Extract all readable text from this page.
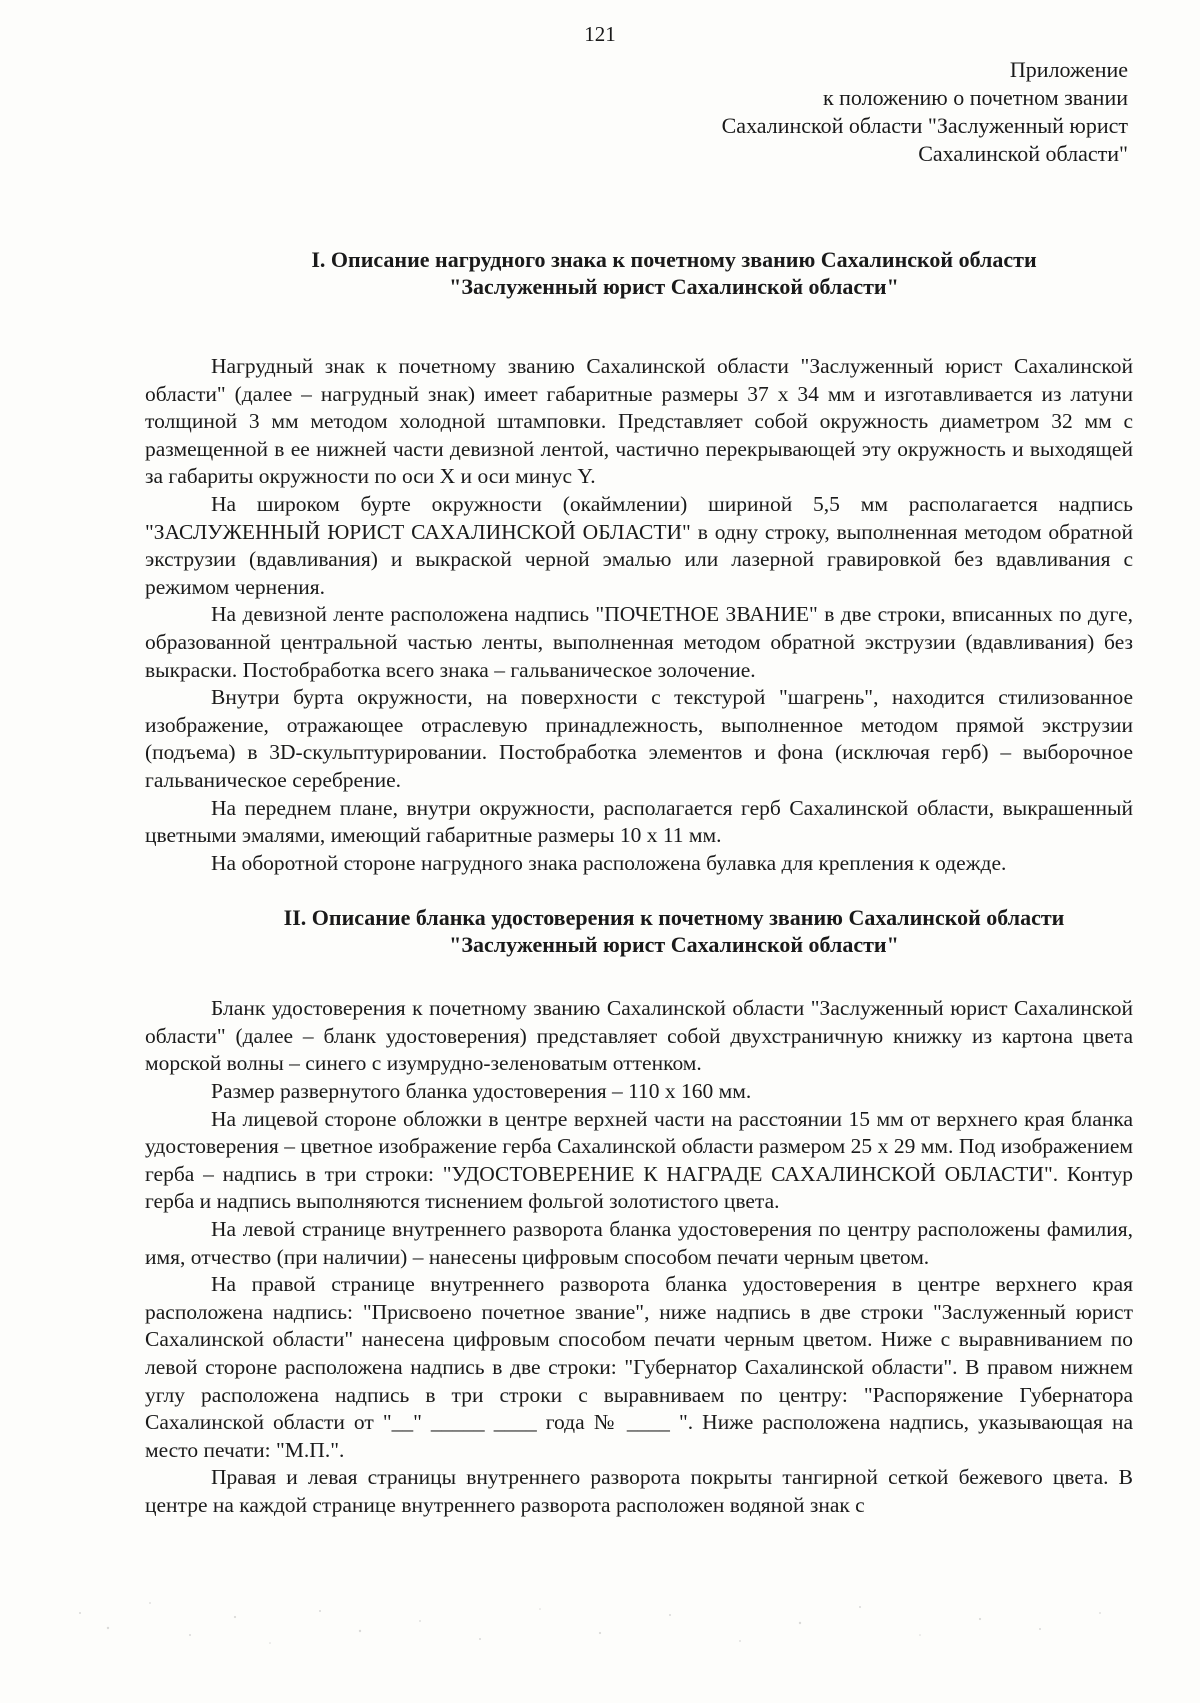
121
Приложение
к положению о почетном звании
Сахалинской области "Заслуженный юрист
Сахалинской области"
I. Описание нагрудного знака к почетному званию Сахалинской области
"Заслуженный юрист Сахалинской области"

Нагрудный знак к почетному званию Сахалинской области "Заслуженный юрист Сахалинской области" (далее – нагрудный знак) имеет габаритные размеры 37 x 34 мм и изготавливается из латуни толщиной 3 мм методом холодной штамповки. Представляет собой окружность диаметром 32 мм с размещенной в ее нижней части девизной лентой, частично перекрывающей эту окружность и выходящей за габариты окружности по оси X и оси минус Y.

На широком бурте окружности (окаймлении) шириной 5,5 мм располагается надпись "ЗАСЛУЖЕННЫЙ ЮРИСТ САХАЛИНСКОЙ ОБЛАСТИ" в одну строку, выполненная методом обратной экструзии (вдавливания) и выкраской черной эмалью или лазерной гравировкой без вдавливания с режимом чернения.

На девизной ленте расположена надпись "ПОЧЕТНОЕ ЗВАНИЕ" в две строки, вписанных по дуге, образованной центральной частью ленты, выполненная методом обратной экструзии (вдавливания) без выкраски. Постобработка всего знака – гальваническое золочение.

Внутри бурта окружности, на поверхности с текстурой "шагрень", находится стилизованное изображение, отражающее отраслевую принадлежность, выполненное методом прямой экструзии (подъема) в 3D-скульптурировании. Постобработка элементов и фона (исключая герб) – выборочное гальваническое серебрение.

На переднем плане, внутри окружности, располагается герб Сахалинской области, выкрашенный цветными эмалями, имеющий габаритные размеры 10 x 11 мм.

На оборотной стороне нагрудного знака расположена булавка для крепления к одежде.

II. Описание бланка удостоверения к почетному званию Сахалинской области
"Заслуженный юрист Сахалинской области"

Бланк удостоверения к почетному званию Сахалинской области "Заслуженный юрист Сахалинской области" (далее – бланк удостоверения) представляет собой двухстраничную книжку из картона цвета морской волны – синего с изумрудно-зеленоватым оттенком.

Размер развернутого бланка удостоверения – 110 x 160 мм.

На лицевой стороне обложки в центре верхней части на расстоянии 15 мм от верхнего края бланка удостоверения – цветное изображение герба Сахалинской области размером 25 x 29 мм. Под изображением герба – надпись в три строки: "УДОСТОВЕРЕНИЕ К НАГРАДЕ САХАЛИНСКОЙ ОБЛАСТИ". Контур герба и надпись выполняются тиснением фольгой золотистого цвета.

На левой странице внутреннего разворота бланка удостоверения по центру расположены фамилия, имя, отчество (при наличии) – нанесены цифровым способом печати черным цветом.

На правой странице внутреннего разворота бланка удостоверения в центре верхнего края расположена надпись: "Присвоено почетное звание", ниже надпись в две строки "Заслуженный юрист Сахалинской области" нанесена цифровым способом печати черным цветом. Ниже с выравниванием по левой стороне расположена надпись в две строки: "Губернатор Сахалинской области". В правом нижнем углу расположена надпись в три строки с выравниваем по центру: "Распоряжение Губернатора Сахалинской области от "__" _____ ____ года № ____ ". Ниже расположена надпись, указывающая на место печати: "М.П.".

Правая и левая страницы внутреннего разворота покрыты тангирной сеткой бежевого цвета. В центре на каждой странице внутреннего разворота расположен водяной знак с
